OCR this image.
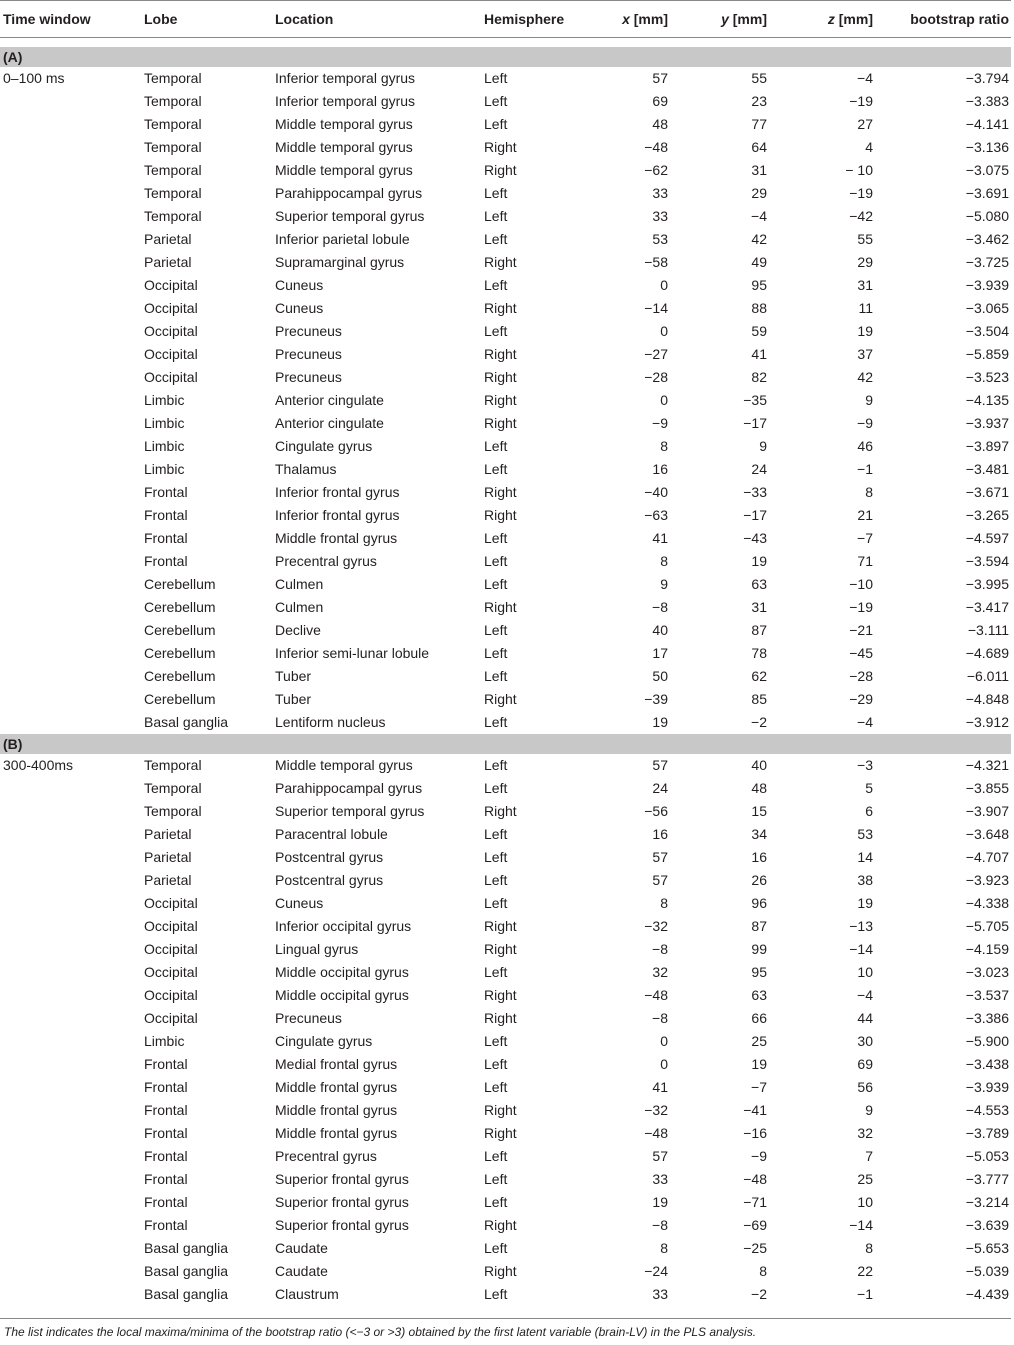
Time window	Lobe	Location	Hemisphere	x [mm]	y [mm]	z [mm]	bootstrap ratio

(A)							
0–100 ms	Temporal	Inferior temporal gyrus	Left	57	55	−4	−3.794
	Temporal	Inferior temporal gyrus	Left	69	23	−19	−3.383
	Temporal	Middle temporal gyrus	Left	48	77	27	−4.141
	Temporal	Middle temporal gyrus	Right	−48	64	4	−3.136
	Temporal	Middle temporal gyrus	Right	−62	31	− 10	−3.075
	Temporal	Parahippocampal gyrus	Left	33	29	−19	−3.691
	Temporal	Superior temporal gyrus	Left	33	−4	−42	−5.080
	Parietal	Inferior parietal lobule	Left	53	42	55	−3.462
	Parietal	Supramarginal gyrus	Right	−58	49	29	−3.725
	Occipital	Cuneus	Left	0	95	31	−3.939
	Occipital	Cuneus	Right	−14	88	11	−3.065
	Occipital	Precuneus	Left	0	59	19	−3.504
	Occipital	Precuneus	Right	−27	41	37	−5.859
	Occipital	Precuneus	Right	−28	82	42	−3.523
	Limbic	Anterior cingulate	Right	0	−35	9	−4.135
	Limbic	Anterior cingulate	Right	−9	−17	−9	−3.937
	Limbic	Cingulate gyrus	Left	8	9	46	−3.897
	Limbic	Thalamus	Left	16	24	−1	−3.481
	Frontal	Inferior frontal gyrus	Right	−40	−33	8	−3.671
	Frontal	Inferior frontal gyrus	Right	−63	−17	21	−3.265
	Frontal	Middle frontal gyrus	Left	41	−43	−7	−4.597
	Frontal	Precentral gyrus	Left	8	19	71	−3.594
	Cerebellum	Culmen	Left	9	63	−10	−3.995
	Cerebellum	Culmen	Right	−8	31	−19	−3.417
	Cerebellum	Declive	Left	40	87	−21	−3.111
	Cerebellum	Inferior semi-lunar lobule	Left	17	78	−45	−4.689
	Cerebellum	Tuber	Left	50	62	−28	−6.011
	Cerebellum	Tuber	Right	−39	85	−29	−4.848
	Basal ganglia	Lentiform nucleus	Left	19	−2	−4	−3.912
(B)							
300-400ms	Temporal	Middle temporal gyrus	Left	57	40	−3	−4.321
	Temporal	Parahippocampal gyrus	Left	24	48	5	−3.855
	Temporal	Superior temporal gyrus	Right	−56	15	6	−3.907
	Parietal	Paracentral lobule	Left	16	34	53	−3.648
	Parietal	Postcentral gyrus	Left	57	16	14	−4.707
	Parietal	Postcentral gyrus	Left	57	26	38	−3.923
	Occipital	Cuneus	Left	8	96	19	−4.338
	Occipital	Inferior occipital gyrus	Right	−32	87	−13	−5.705
	Occipital	Lingual gyrus	Right	−8	99	−14	−4.159
	Occipital	Middle occipital gyrus	Left	32	95	10	−3.023
	Occipital	Middle occipital gyrus	Right	−48	63	−4	−3.537
	Occipital	Precuneus	Right	−8	66	44	−3.386
	Limbic	Cingulate gyrus	Left	0	25	30	−5.900
	Frontal	Medial frontal gyrus	Left	0	19	69	−3.438
	Frontal	Middle frontal gyrus	Left	41	−7	56	−3.939
	Frontal	Middle frontal gyrus	Right	−32	−41	9	−4.553
	Frontal	Middle frontal gyrus	Right	−48	−16	32	−3.789
	Frontal	Precentral gyrus	Left	57	−9	7	−5.053
	Frontal	Superior frontal gyrus	Left	33	−48	25	−3.777
	Frontal	Superior frontal gyrus	Left	19	−71	10	−3.214
	Frontal	Superior frontal gyrus	Right	−8	−69	−14	−3.639
	Basal ganglia	Caudate	Left	8	−25	8	−5.653
	Basal ganglia	Caudate	Right	−24	8	22	−5.039
	Basal ganglia	Claustrum	Left	33	−2	−1	−4.439
The list indicates the local maxima/minima of the bootstrap ratio (<−3 or >3) obtained by the first latent variable (brain-LV) in the PLS analysis.
